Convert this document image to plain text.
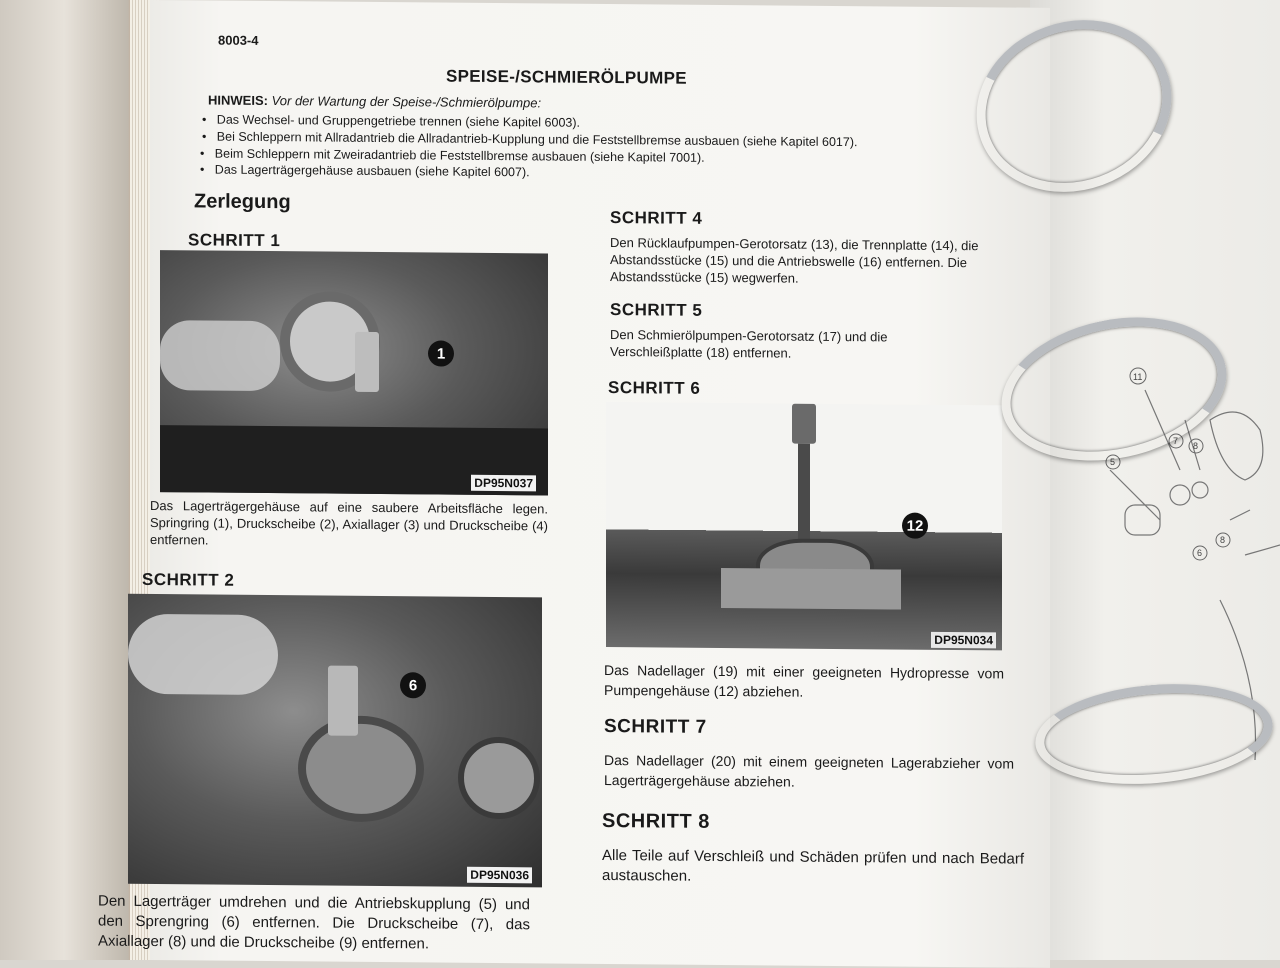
11
7 8
5
6
8
8003-4
SPEISE-/SCHMIERÖLPUMPE
HINWEIS: Vor der Wartung der Speise-/Schmierölpumpe:
•   Das Wechsel- und Gruppengetriebe trennen (siehe Kapitel 6003).
•   Bei Schleppern mit Allradantrieb die Allradantrieb-Kupplung und die Feststellbremse ausbauen (siehe Kapitel 6017).
•   Beim Schleppern mit Zweiradantrieb die Feststellbremse ausbauen (siehe Kapitel 7001).
•   Das Lagerträgergehäuse ausbauen (siehe Kapitel 6007).
Zerlegung
SCHRITT 1
1
DP95N037
Das Lagerträgergehäuse auf eine saubere Arbeitsfläche legen. Springring (1), Druckscheibe (2), Axiallager (3) und Druckscheibe (4) entfernen.
SCHRITT 2
6
DP95N036
Den Lagerträger umdrehen und die Antriebskupplung (5) und den Sprengring (6) entfernen. Die Druckscheibe (7), das Axiallager (8) und die Druckscheibe (9) entfernen.
SCHRITT 4
Den Rücklaufpumpen-Gerotorsatz (13), die Trennplatte (14), die Abstandsstücke (15) und die Antriebswelle (16) entfernen. Die Abstandsstücke (15) wegwerfen.
SCHRITT 5
Den Schmierölpumpen-Gerotorsatz (17) und die Verschleißplatte (18) entfernen.
SCHRITT 6
12
DP95N034
Das Nadellager (19) mit einer geeigneten Hydropresse vom Pumpengehäuse (12) abziehen.
SCHRITT 7
Das Nadellager (20) mit einem geeigneten Lagerabzieher vom Lagerträgergehäuse abziehen.
SCHRITT 8
Alle Teile auf Verschleiß und Schäden prüfen und nach Bedarf austauschen.
